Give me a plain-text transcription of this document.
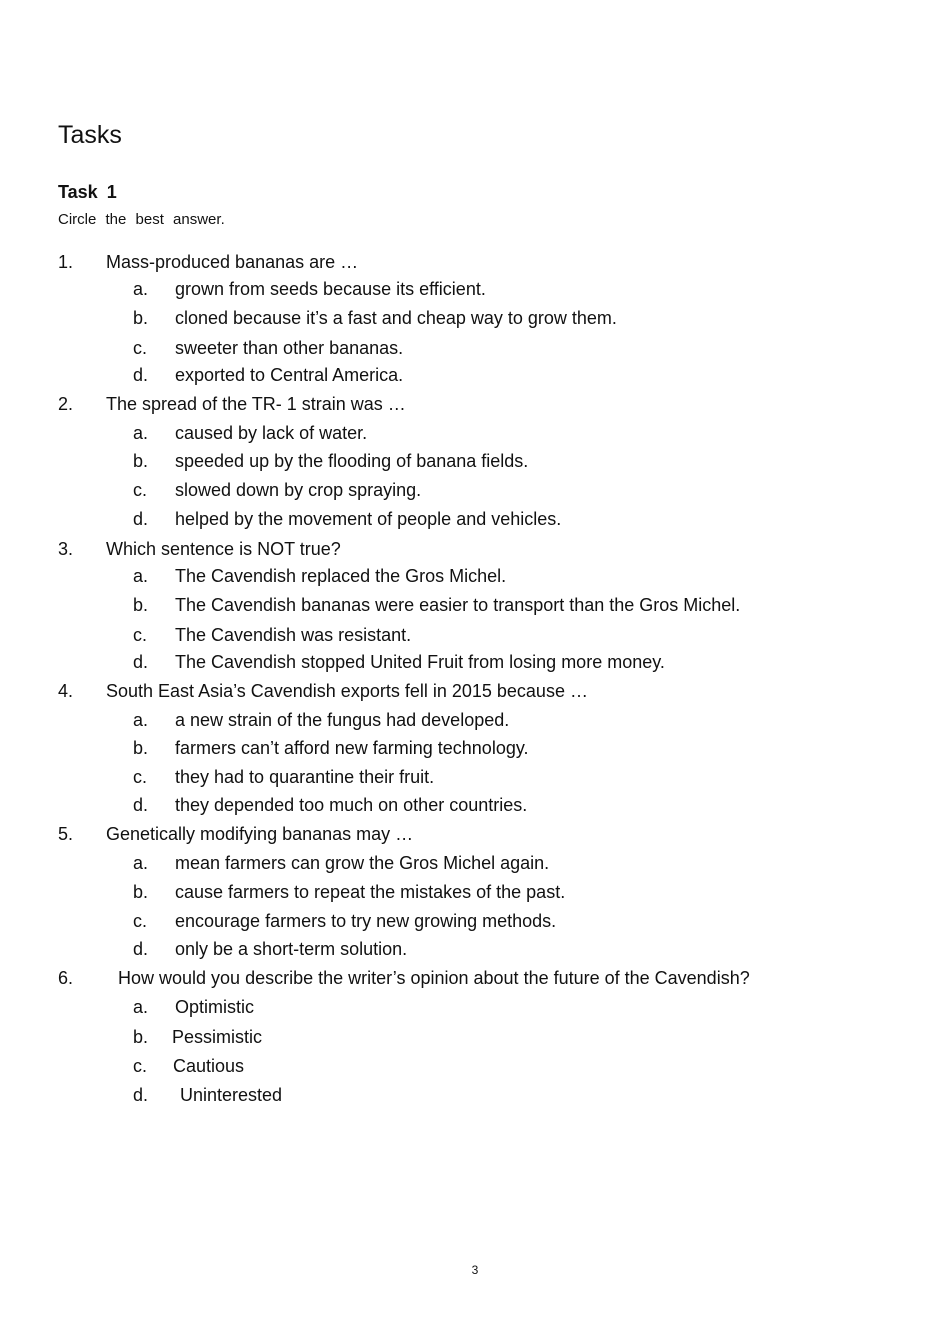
Tasks
Task 1
Circle the best answer.
1. Mass-produced bananas are …
a. grown from seeds because its efficient.
b. cloned because it’s a fast and cheap way to grow them.
c. sweeter than other bananas.
d. exported to Central America.
2. The spread of the TR- 1 strain was …
a. caused by lack of water.
b. speeded up by the flooding of banana fields.
c. slowed down by crop spraying.
d. helped by the movement of people and vehicles.
3. Which sentence is NOT true?
a. The Cavendish replaced the Gros Michel.
b. The Cavendish bananas were easier to transport than the Gros Michel.
c. The Cavendish was resistant.
d. The Cavendish stopped United Fruit from losing more money.
4. South East Asia’s Cavendish exports fell in 2015 because …
a. a new strain of the fungus had developed.
b. farmers can’t afford new farming technology.
c. they had to quarantine their fruit.
d. they depended too much on other countries.
5. Genetically modifying bananas may …
a. mean farmers can grow the Gros Michel again.
b. cause farmers to repeat the mistakes of the past.
c. encourage farmers to try new growing methods.
d. only be a short-term solution.
6. How would you describe the writer’s opinion about the future of the Cavendish?
a. Optimistic
b. Pessimistic
c. Cautious
d. Uninterested
3
